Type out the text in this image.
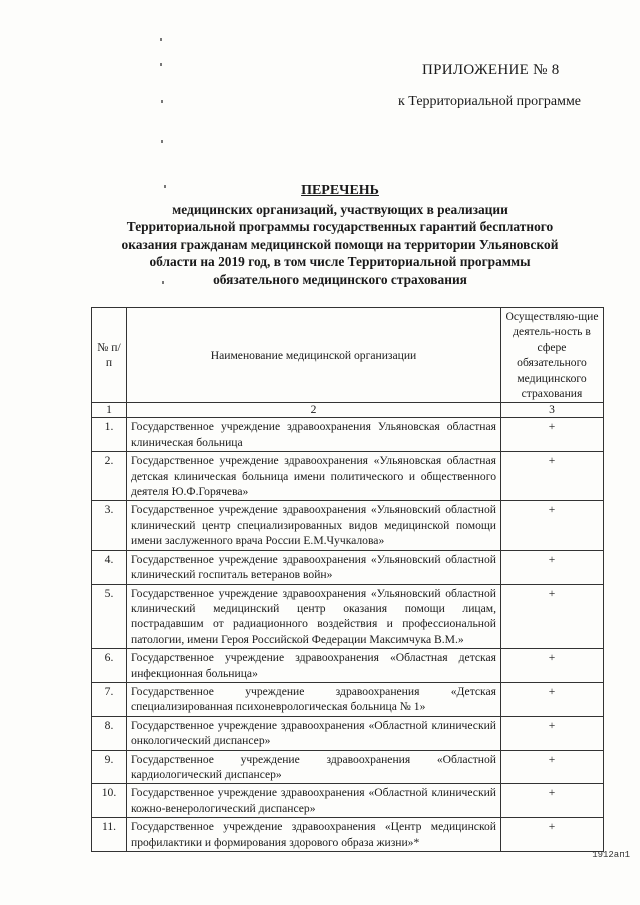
ПРИЛОЖЕНИЕ № 8
к Территориальной программе
ПЕРЕЧЕНЬ
медицинских организаций, участвующих в реализации
Территориальной программы государственных гарантий бесплатного
оказания гражданам медицинской помощи на территории Ульяновской
области на 2019 год, в том числе Территориальной программы
обязательного медицинского страхования
№ п/п	Наименование медицинской организации	Осуществляю-щие деятель-ность в сфере обязательного медицинского страхования
1	2	3
1.	Государственное учреждение здравоохранения Ульяновская областная клиническая больница	+
2.	Государственное учреждение здравоохранения «Ульяновская областная детская клиническая больница имени политического и общественного деятеля Ю.Ф.Горячева»	+
3.	Государственное учреждение здравоохранения «Ульяновский областной клинический центр специализированных видов медицинской помощи имени заслуженного врача России Е.М.Чучкалова»	+
4.	Государственное учреждение здравоохранения «Ульяновский областной клинический госпиталь ветеранов войн»	+
5.	Государственное учреждение здравоохранения «Ульяновский областной клинический медицинский центр оказания помощи лицам, пострадавшим от радиационного воздействия и профессиональной патологии, имени Героя Российской Федерации Максимчука В.М.»	+
6.	Государственное учреждение здравоохранения «Областная детская инфекционная больница»	+
7.	Государственное учреждение здравоохранения «Детская специализированная психоневрологическая больница № 1»	+
8.	Государственное учреждение здравоохранения «Областной клинический онкологический диспансер»	+
9.	Государственное учреждение здравоохранения «Областной кардиологический диспансер»	+
10.	Государственное учреждение здравоохранения «Областной клинический кожно-венерологический диспансер»	+
11.	Государственное учреждение здравоохранения «Центр медицинской профилактики и формирования здорового образа жизни»*	+
1912ап1
